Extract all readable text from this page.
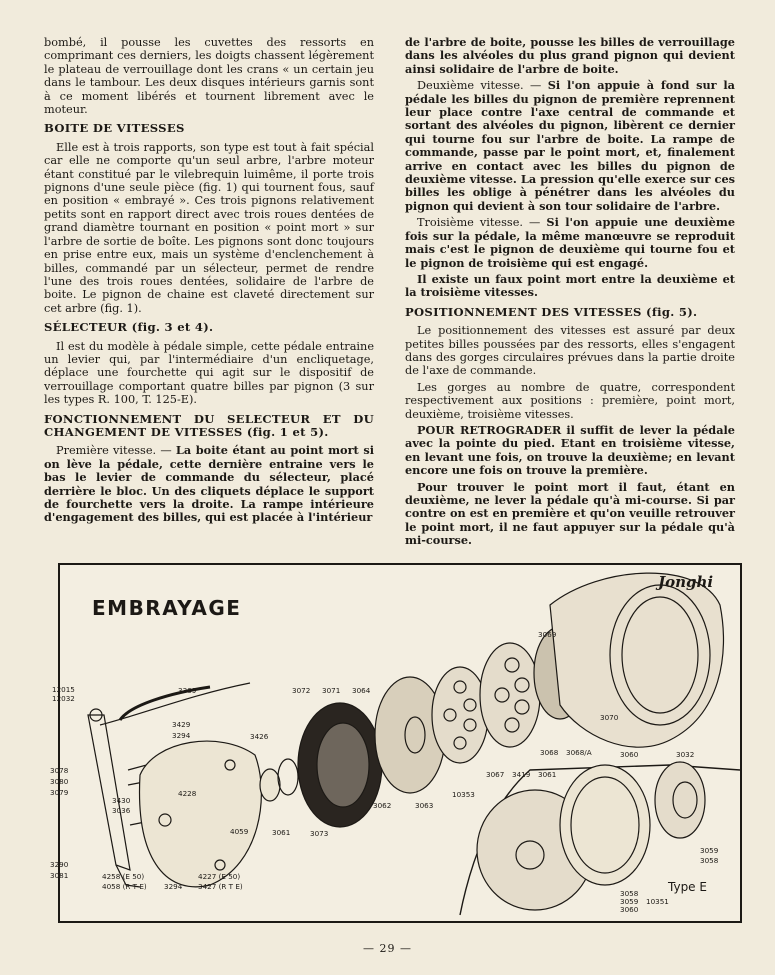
bombé, il pousse les cuvettes des ressorts en comprimant ces derniers, les doigts chassent légèrement le plateau de verrouillage dont les crans « un certain jeu dans le tambour. Les deux disques intérieurs garnis sont à ce moment libérés et tournent librement avec le moteur.

BOITE DE VITESSES

Elle est à trois rapports, son type est tout à fait spécial car elle ne comporte qu'un seul arbre, l'arbre moteur étant constitué par le vilebrequin luimême, il porte trois pignons d'une seule pièce (fig. 1) qui tournent fous, sauf en position « embrayé ». Ces trois pignons relativement petits sont en rapport direct avec trois roues dentées de grand diamètre tournant en position « point mort » sur l'arbre de sortie de boîte. Les pignons sont donc toujours en prise entre eux, mais un système d'enclenchement à billes, commandé par un sélecteur, permet de rendre l'une des trois roues dentées, solidaire de l'arbre de boite. Le pignon de chaine est claveté directement sur cet arbre (fig. 1).

SÉLECTEUR (fig. 3 et 4).

Il est du modèle à pédale simple, cette pédale entraine un levier qui, par l'intermédiaire d'un encliquetage, déplace une fourchette qui agit sur le dispositif de verrouillage comportant quatre billes par pignon (3 sur les types R. 100, T. 125-E).

FONCTIONNEMENT DU SELECTEUR ET DU CHANGEMENT DE VITESSES (fig. 1 et 5).

Première vitesse. — La boite étant au point mort si on lève la pédale, cette dernière entraine vers le bas le levier de commande du sélecteur, placé derrière le bloc. Un des cliquets déplace le support de fourchette vers la droite. La rampe intérieure d'engagement des billes, qui est placée à l'intérieur

de l'arbre de boite, pousse les billes de verrouillage dans les alvéoles du plus grand pignon qui devient ainsi solidaire de l'arbre de boite.

Deuxième vitesse. — Si l'on appuie à fond sur la pédale les billes du pignon de première reprennent leur place contre l'axe central de commande et sortant des alvéoles du pignon, libèrent ce dernier qui tourne fou sur l'arbre de boite. La rampe de commande, passe par le point mort, et, finalement arrive en contact avec les billes du pignon de deuxième vitesse. La pression qu'elle exerce sur ces billes les oblige à pénétrer dans les alvéoles du pignon qui devient à son tour solidaire de l'arbre.

Troisième vitesse. — Si l'on appuie une deuxième fois sur la pédale, la même manœuvre se reproduit mais c'est le pignon de deuxième qui tourne fou et le pignon de troisième qui est engagé.

Il existe un faux point mort entre la deuxième et la troisième vitesses.

POSITIONNEMENT DES VITESSES (fig. 5).

Le positionnement des vitesses est assuré par deux petites billes poussées par des ressorts, elles s'engagent dans des gorges circulaires prévues dans la partie droite de l'axe de commande.

Les gorges au nombre de quatre, correspondent respectivement aux positions : première, point mort, deuxième, troisième vitesses.

POUR RETROGRADER il suffit de lever la pédale avec la pointe du pied. Etant en troisième vitesse, en levant une fois, on trouve la deuxième; en levant encore une fois on trouve la première.

Pour trouver le point mort il faut, étant en deuxième, ne lever la pédale qu'à mi-course. Si par contre on est en première et qu'on veuille retrouver le point mort, il ne faut appuyer sur la pédale qu'à mi-course.

EMBRAYAGE
Jonghi
12015
12032
3369
3429
3294	3426
3072 3071 3064
3069
3078
3080
3079
3430
3036
4228
4059	3061	3073
3062	3063
10353
3067 3419 3061
3068 3068/A
3070
3060	3032
3290
3081	4258 (E 50)
4058 (R T E) 3294
4227 (E 50)
3427 (R T E)
3059
3058
3058
3059
3060
10351
Type E
— 29 —
